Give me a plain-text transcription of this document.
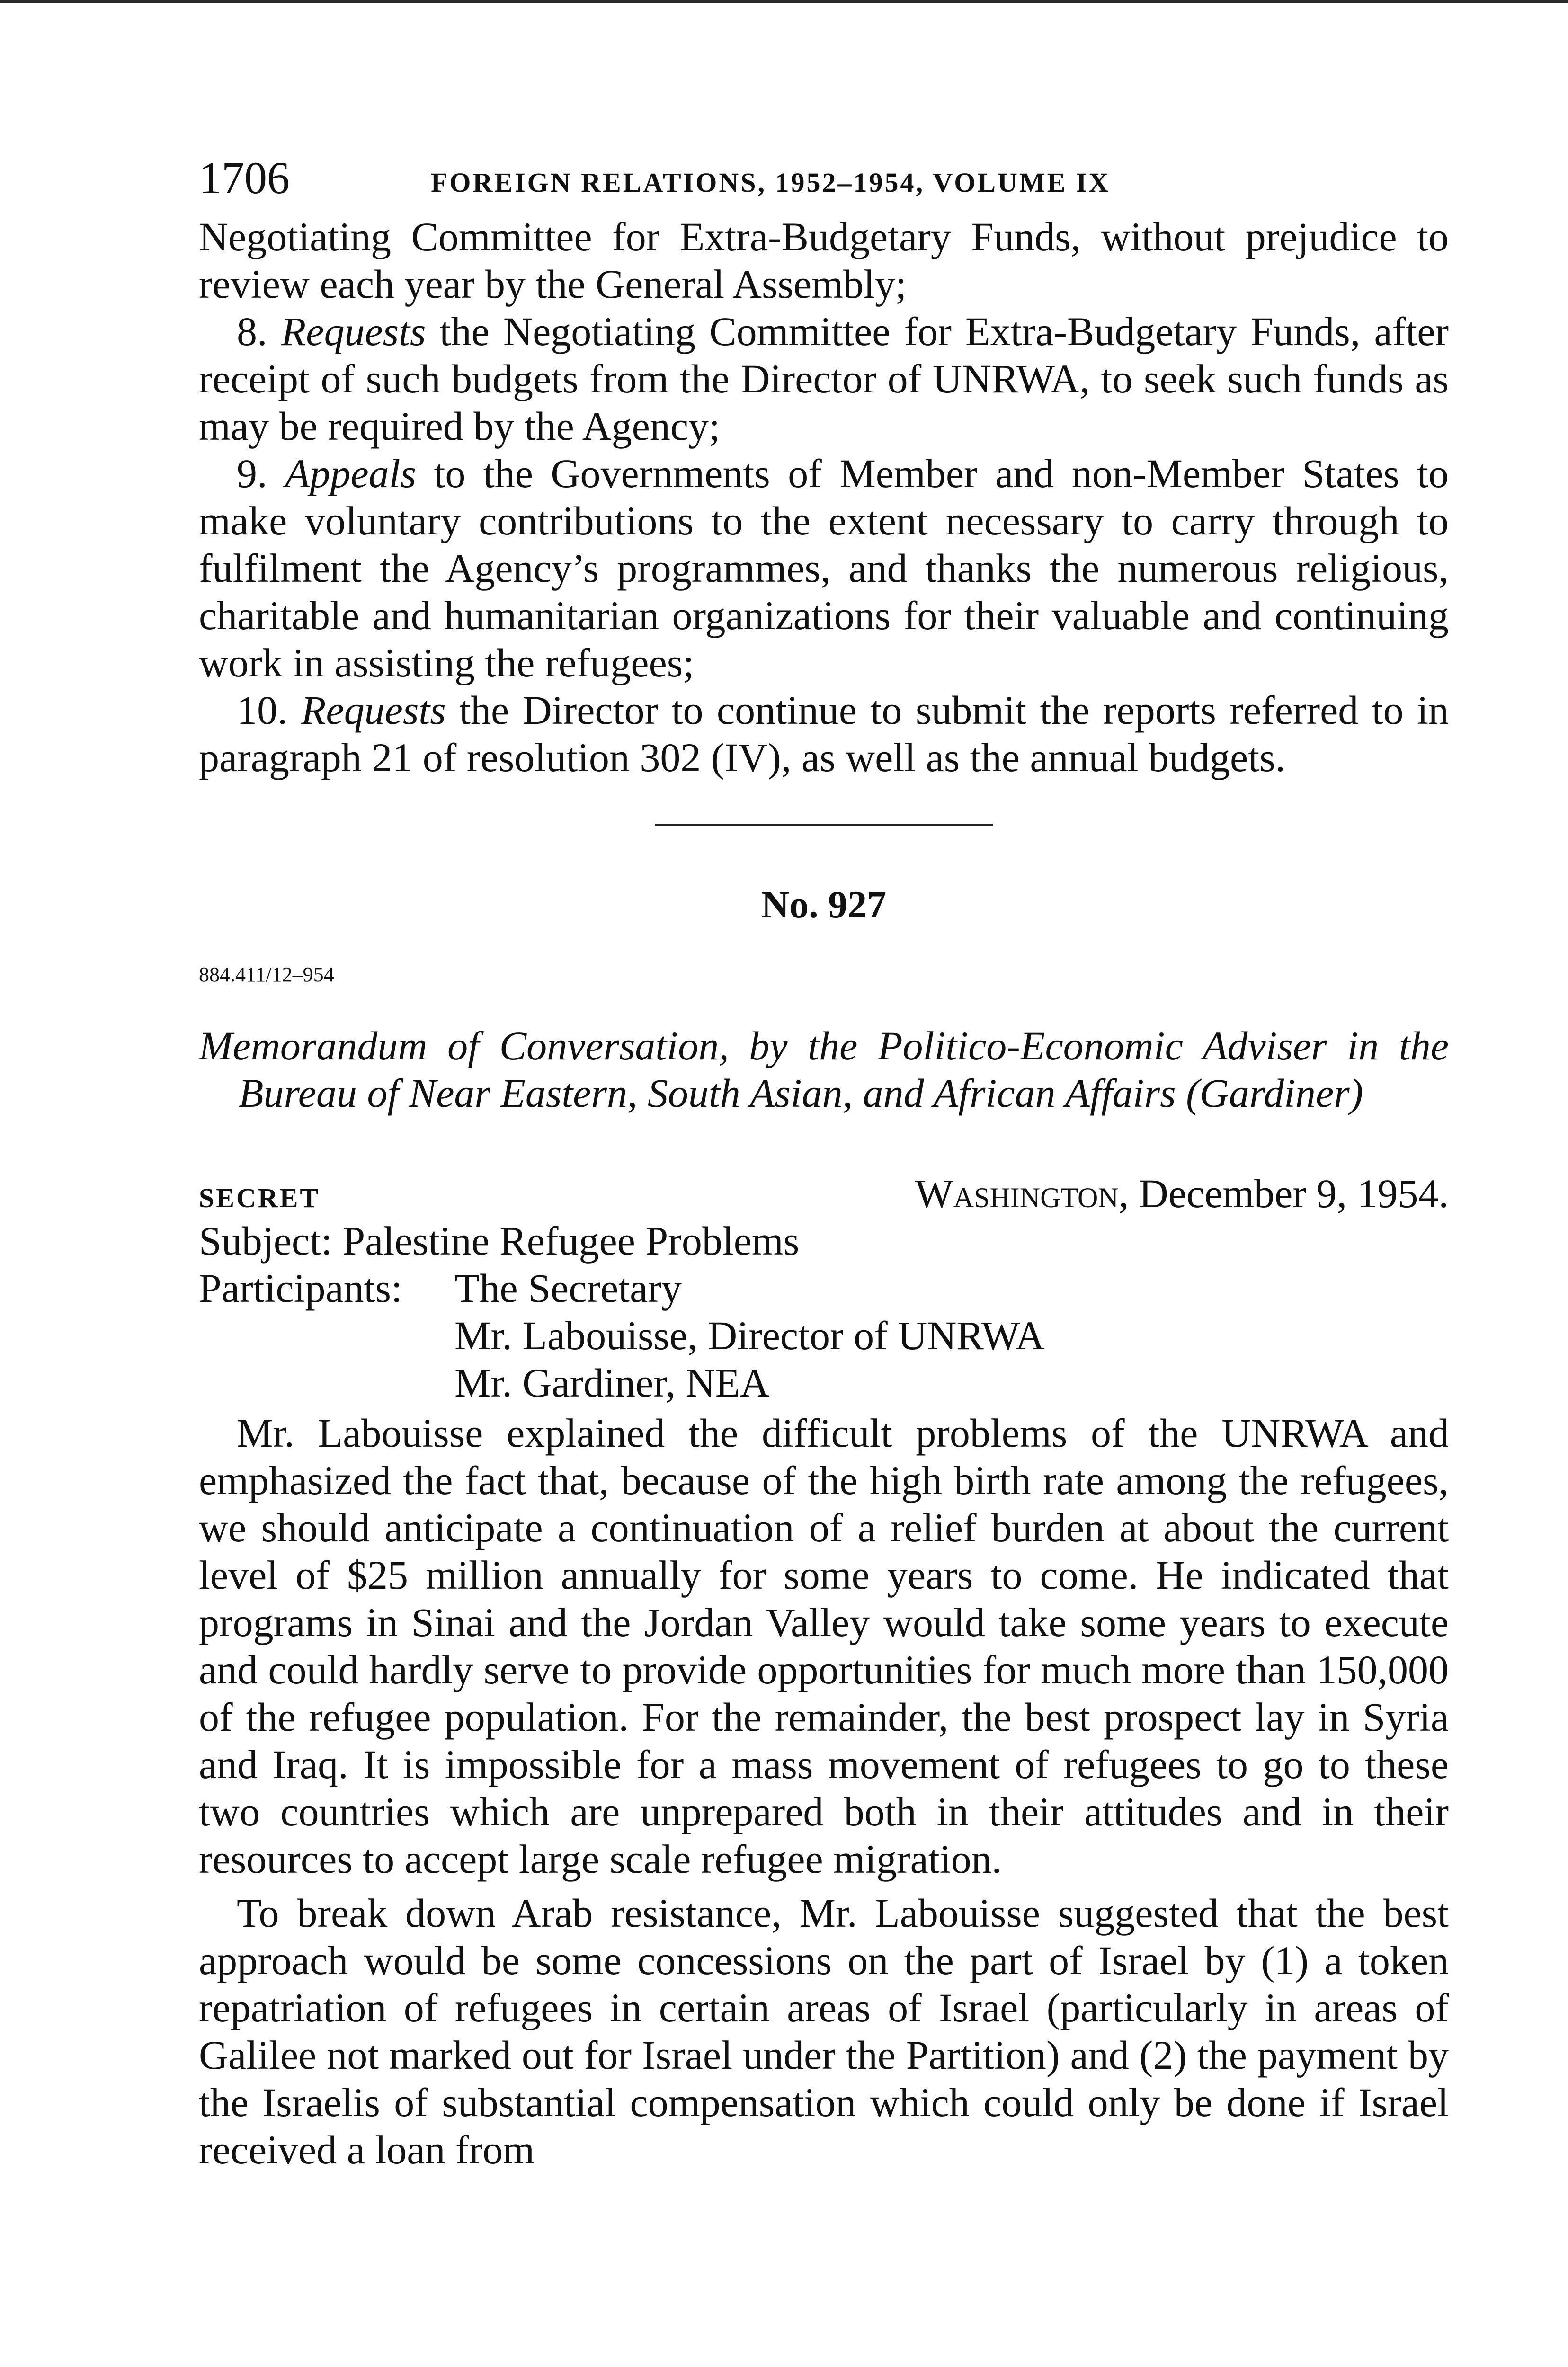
1706	FOREIGN RELATIONS, 1952–1954, VOLUME IX

Negotiating Committee for Extra-Budgetary Funds, without prejudice to review each year by the General Assembly;

8. Requests the Negotiating Committee for Extra-Budgetary Funds, after receipt of such budgets from the Director of UNRWA, to seek such funds as may be required by the Agency;

9. Appeals to the Governments of Member and non-Member States to make voluntary contributions to the extent necessary to carry through to fulfilment the Agency’s programmes, and thanks the numerous religious, charitable and humanitarian organizations for their valuable and continuing work in assisting the refugees;

10. Requests the Director to continue to submit the reports referred to in paragraph 21 of resolution 302 (IV), as well as the annual budgets.

No. 927

884.411/12–954

Memorandum of Conversation, by the Politico-Economic Adviser in the Bureau of Near Eastern, South Asian, and African Affairs (Gardiner)

SECRET	Washington, December 9, 1954.

Subject: Palestine Refugee Problems

Participants:	The Secretary
Mr. Labouisse, Director of UNRWA
Mr. Gardiner, NEA

Mr. Labouisse explained the difficult problems of the UNRWA and emphasized the fact that, because of the high birth rate among the refugees, we should anticipate a continuation of a relief burden at about the current level of $25 million annually for some years to come. He indicated that programs in Sinai and the Jordan Valley would take some years to execute and could hardly serve to provide opportunities for much more than 150,000 of the refugee population. For the remainder, the best prospect lay in Syria and Iraq. It is impossible for a mass movement of refugees to go to these two countries which are unprepared both in their attitudes and in their resources to accept large scale refugee migration.

To break down Arab resistance, Mr. Labouisse suggested that the best approach would be some concessions on the part of Israel by (1) a token repatriation of refugees in certain areas of Israel (particularly in areas of Galilee not marked out for Israel under the Partition) and (2) the payment by the Israelis of substantial compensation which could only be done if Israel received a loan from
